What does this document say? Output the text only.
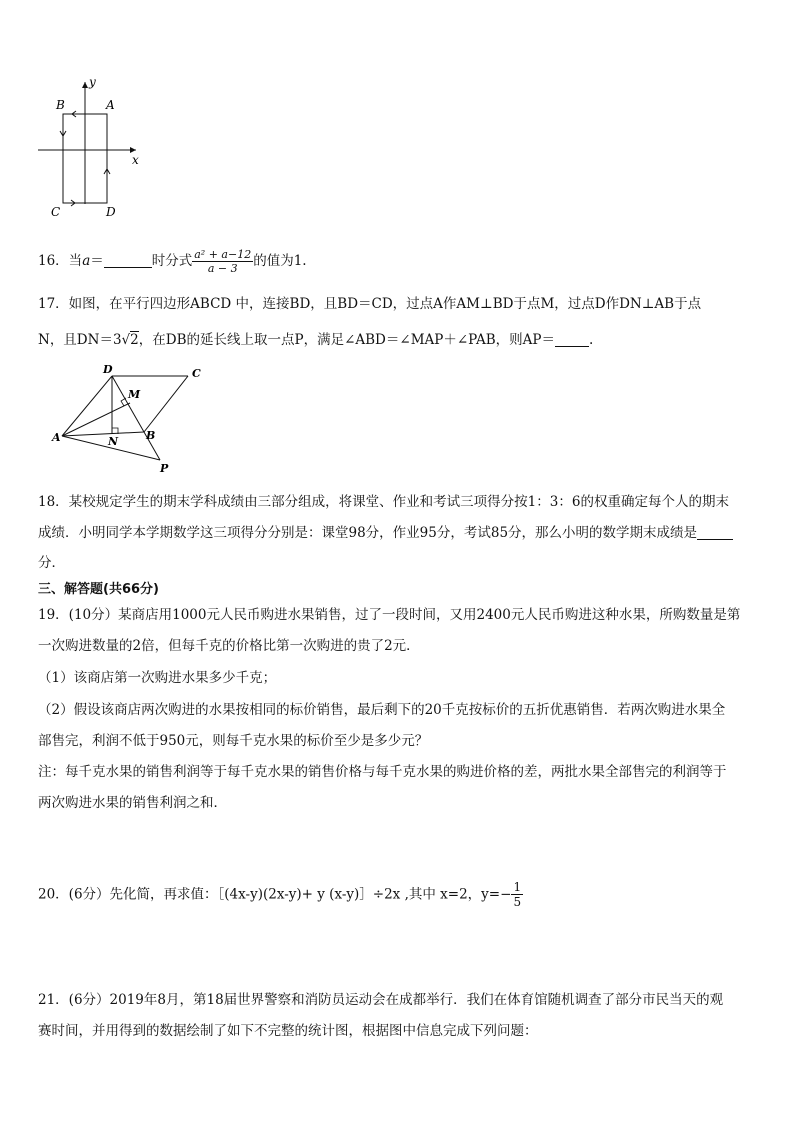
y
x
A
B
C	D
16．当a＝	时分式 $\frac{\text{a² + a−12}}{a - 3}$ 的值为1.
17．如图，在平行四边形ABCD 中，连接BD，且BD＝CD，过点A作AM⊥BD于点M，过点D作DN⊥AB于点
N，且DN＝3√2，在DB的延长线上取一点P，满足∠ABD＝∠MAP＋∠PAB，则AP＝	.
D	C
M
A	N	B
P
18．某校规定学生的期末学科成绩由三部分组成，将课堂、作业和考试三项得分按1：3：6的权重确定每个人的期末
成绩．小明同学本学期数学这三项得分分别是：课堂98分，作业95分，考试85分，那么小明的数学期末成绩是
分．
三、解答题(共66分)
19．(10分）某商店用1000元人民币购进水果销售，过了一段时间，又用2400元人民币购进这种水果，所购数量是第
一次购进数量的2倍，但每千克的价格比第一次购进的贵了2元．
（1）该商店第一次购进水果多少千克；
（2）假设该商店两次购进的水果按相同的标价销售，最后剩下的20千克按标价的五折优惠销售．若两次购进水果全
部售完，利润不低于950元，则每千克水果的标价至少是多少元？
注：每千克水果的销售利润等于每千克水果的销售价格与每千克水果的购进价格的差，两批水果全部售完的利润等于
两次购进水果的销售利润之和．
20．(6分）先化简，再求值：［(4x-y)(2x-y)+ y (x-y)］÷2x ,其中 x=2，$y=- \frac{1}{5}$
21．(6分）2019年8月，第18届世界警察和消防员运动会在成都举行．我们在体育馆随机调查了部分市民当天的观
赛时间，并用得到的数据绘制了如下不完整的统计图，根据图中信息完成下列问题：
